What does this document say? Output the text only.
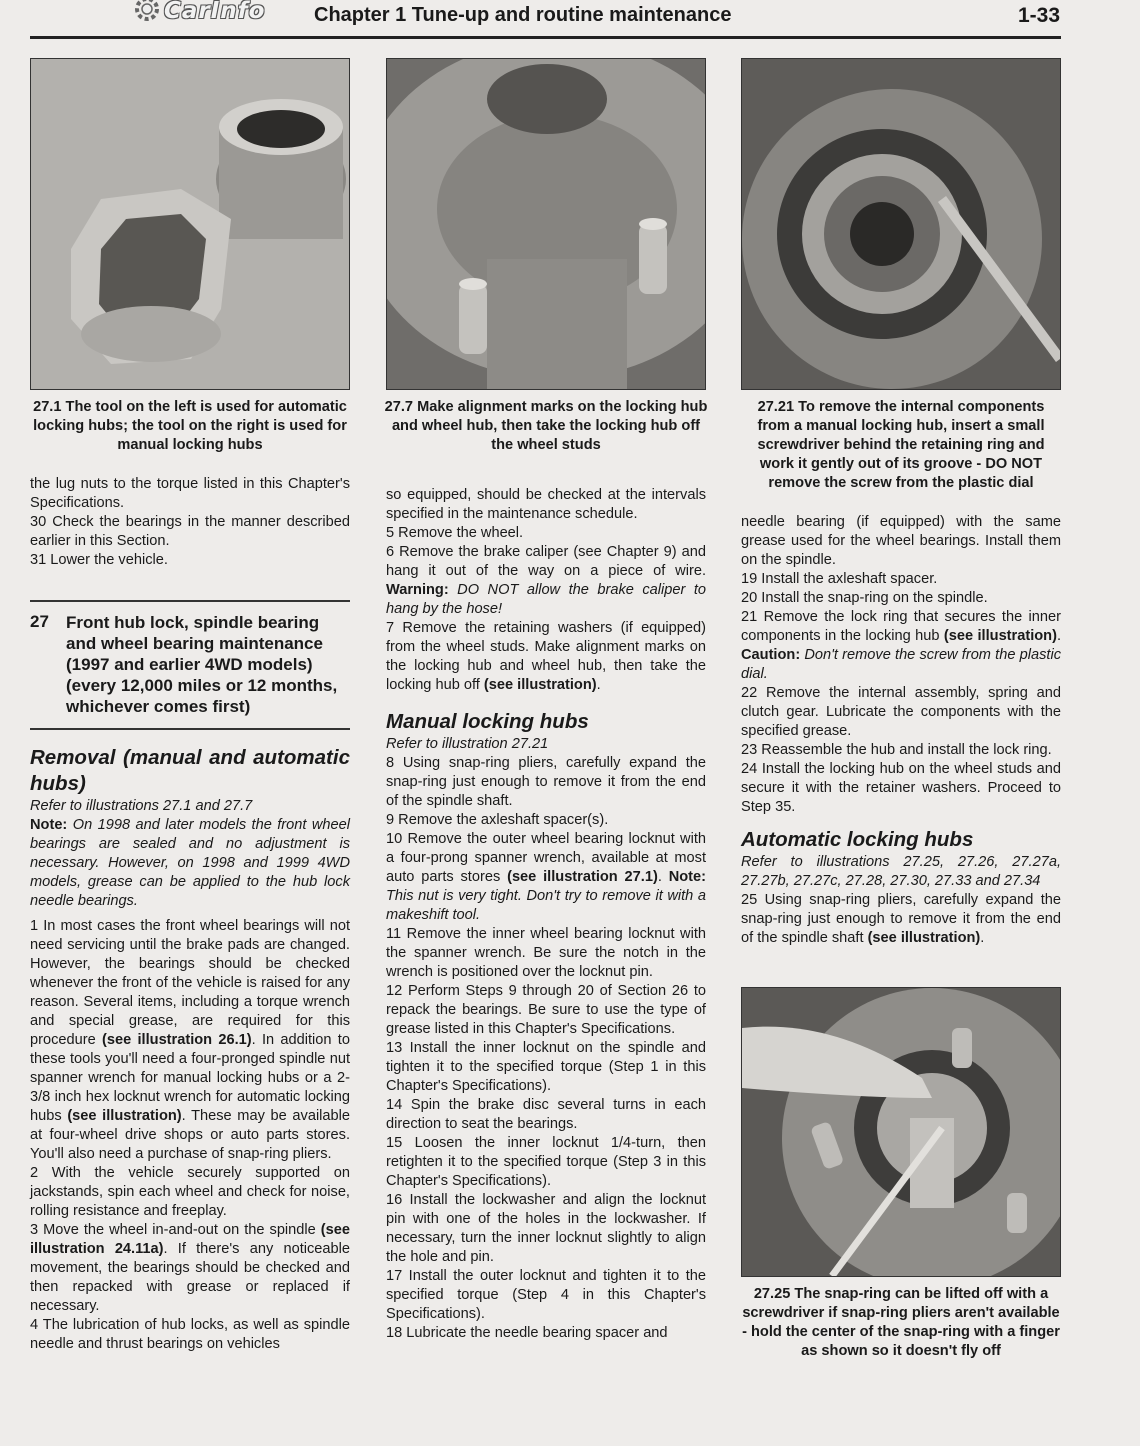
CarInfo Chapter 1 Tune-up and routine maintenance	1-33
27.1 The tool on the left is used for automatic locking hubs; the tool on the right is used for manual locking hubs
27.7 Make alignment marks on the locking hub and wheel hub, then take the locking hub off the wheel studs
27.21 To remove the internal components from a manual locking hub, insert a small screwdriver behind the retaining ring and work it gently out of its groove - DO NOT remove the screw from the plastic dial

the lug nuts to the torque listed in this Chapter's Specifications.

30 Check the bearings in the manner described earlier in this Section.

31 Lower the vehicle.

27 Front hub lock, spindle bearing and wheel bearing maintenance (1997 and earlier 4WD models) (every 12,000 miles or 12 months, whichever comes first)

Removal (manual and automatic hubs)

Refer to illustrations 27.1 and 27.7

Note: On 1998 and later models the front wheel bearings are sealed and no adjustment is necessary. However, on 1998 and 1999 4WD models, grease can be applied to the hub lock needle bearings.

1 In most cases the front wheel bearings will not need servicing until the brake pads are changed. However, the bearings should be checked whenever the front of the vehicle is raised for any reason. Several items, including a torque wrench and special grease, are required for this procedure (see illustration 26.1). In addition to these tools you'll need a four-pronged spindle nut spanner wrench for manual locking hubs or a 2-3/8 inch hex locknut wrench for automatic locking hubs (see illustration). These may be available at four-wheel drive shops or auto parts stores. You'll also need a purchase of snap-ring pliers.

2 With the vehicle securely supported on jackstands, spin each wheel and check for noise, rolling resistance and freeplay.

3 Move the wheel in-and-out on the spindle (see illustration 24.11a). If there's any noticeable movement, the bearings should be checked and then repacked with grease or replaced if necessary.

4 The lubrication of hub locks, as well as spindle needle and thrust bearings on vehicles

so equipped, should be checked at the intervals specified in the maintenance schedule.

5 Remove the wheel.

6 Remove the brake caliper (see Chapter 9) and hang it out of the way on a piece of wire. Warning: DO NOT allow the brake caliper to hang by the hose!

7 Remove the retaining washers (if equipped) from the wheel studs. Make alignment marks on the locking hub and wheel hub, then take the locking hub off (see illustration).

Manual locking hubs

Refer to illustration 27.21

8 Using snap-ring pliers, carefully expand the snap-ring just enough to remove it from the end of the spindle shaft.

9 Remove the axleshaft spacer(s).

10 Remove the outer wheel bearing locknut with a four-prong spanner wrench, available at most auto parts stores (see illustration 27.1). Note: This nut is very tight. Don't try to remove it with a makeshift tool.

11 Remove the inner wheel bearing locknut with the spanner wrench. Be sure the notch in the wrench is positioned over the locknut pin.

12 Perform Steps 9 through 20 of Section 26 to repack the bearings. Be sure to use the type of grease listed in this Chapter's Specifications.

13 Install the inner locknut on the spindle and tighten it to the specified torque (Step 1 in this Chapter's Specifications).

14 Spin the brake disc several turns in each direction to seat the bearings.

15 Loosen the inner locknut 1/4-turn, then retighten it to the specified torque (Step 3 in this Chapter's Specifications).

16 Install the lockwasher and align the locknut pin with one of the holes in the lockwasher. If necessary, turn the inner locknut slightly to align the hole and pin.

17 Install the outer locknut and tighten it to the specified torque (Step 4 in this Chapter's Specifications).

18 Lubricate the needle bearing spacer and

needle bearing (if equipped) with the same grease used for the wheel bearings. Install them on the spindle.

19 Install the axleshaft spacer.

20 Install the snap-ring on the spindle.

21 Remove the lock ring that secures the inner components in the locking hub (see illustration). Caution: Don't remove the screw from the plastic dial.

22 Remove the internal assembly, spring and clutch gear. Lubricate the components with the specified grease.

23 Reassemble the hub and install the lock ring.

24 Install the locking hub on the wheel studs and secure it with the retainer washers. Proceed to Step 35.

Automatic locking hubs

Refer to illustrations 27.25, 27.26, 27.27a, 27.27b, 27.27c, 27.28, 27.30, 27.33 and 27.34

25 Using snap-ring pliers, carefully expand the snap-ring just enough to remove it from the end of the spindle shaft (see illustration).

27.25 The snap-ring can be lifted off with a screwdriver if snap-ring pliers aren't available - hold the center of the snap-ring with a finger as shown so it doesn't fly off
